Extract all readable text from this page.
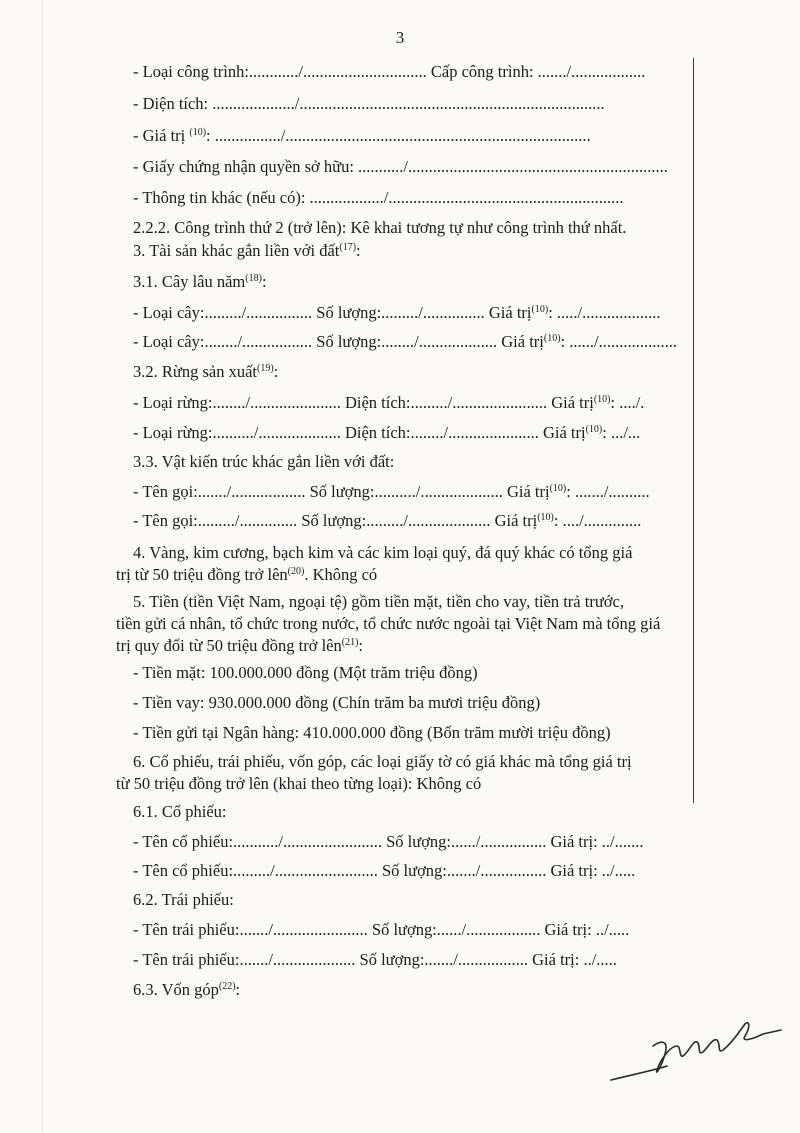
3
- Loại công trình:............/.............................. Cấp công trình: ......./..................
- Diện tích: ..................../..........................................................................
- Giá trị $^{(10)}$: ................/..........................................................................
- Giấy chứng nhận quyền sở hữu: .........../...............................................................
- Thông tin khác (nếu có): ................../.........................................................
2.2.2. Công trình thứ 2 (trở lên): Kê khai tương tự như công trình thứ nhất.
3. Tài sản khác gắn liền với đất$^{(17)}$:
3.1. Cây lâu năm$^{(18)}$:
- Loại cây:........./................ Số lượng:........./............... Giá trị$^{(10)}$: ...../...................
- Loại cây:......../................. Số lượng:......../................... Giá trị$^{(10)}$: ....../...................
3.2. Rừng sản xuất$^{(19)}$:
- Loại rừng:......../...................... Diện tích:........./....................... Giá trị$^{(10)}$: ..../.
- Loại rừng:........../.................... Diện tích:......../...................... Giá trị$^{(10)}$: .../...
3.3. Vật kiến trúc khác gắn liền với đất:
- Tên gọi:......./.................. Số lượng:........../.................... Giá trị$^{(10)}$: ......./..........
- Tên gọi:........./.............. Số lượng:........./.................... Giá trị$^{(10)}$: ..../..............
4. Vàng, kim cương, bạch kim và các kim loại quý, đá quý khác có tổng giá
trị từ 50 triệu đồng trở lên$^{(20)}$. Không có
5. Tiền (tiền Việt Nam, ngoại tệ) gồm tiền mặt, tiền cho vay, tiền trả trước,
tiền gửi cá nhân, tổ chức trong nước, tổ chức nước ngoài tại Việt Nam mà tổng giá
trị quy đổi từ 50 triệu đồng trở lên$^{(21)}$:
- Tiền mặt: 100.000.000 đồng (Một trăm triệu đồng)
- Tiền vay: 930.000.000 đồng (Chín trăm ba mươi triệu đồng)
- Tiền gửi tại Ngân hàng: 410.000.000 đồng (Bốn trăm mười triệu đồng)
6. Cổ phiếu, trái phiếu, vốn góp, các loại giấy tờ có giá khác mà tổng giá trị
từ 50 triệu đồng trở lên (khai theo từng loại): Không có
6.1. Cổ phiếu:
- Tên cổ phiếu:.........../........................ Số lượng:....../................ Giá trị: ../.......
- Tên cổ phiếu:........./......................... Số lượng:......./................ Giá trị: ../.....
6.2. Trái phiếu:
- Tên trái phiếu:......./....................... Số lượng:....../.................. Giá trị: ../.....
- Tên trái phiếu:......./.................... Số lượng:......./................. Giá trị: ../.....
6.3. Vốn góp$^{(22)}$:
